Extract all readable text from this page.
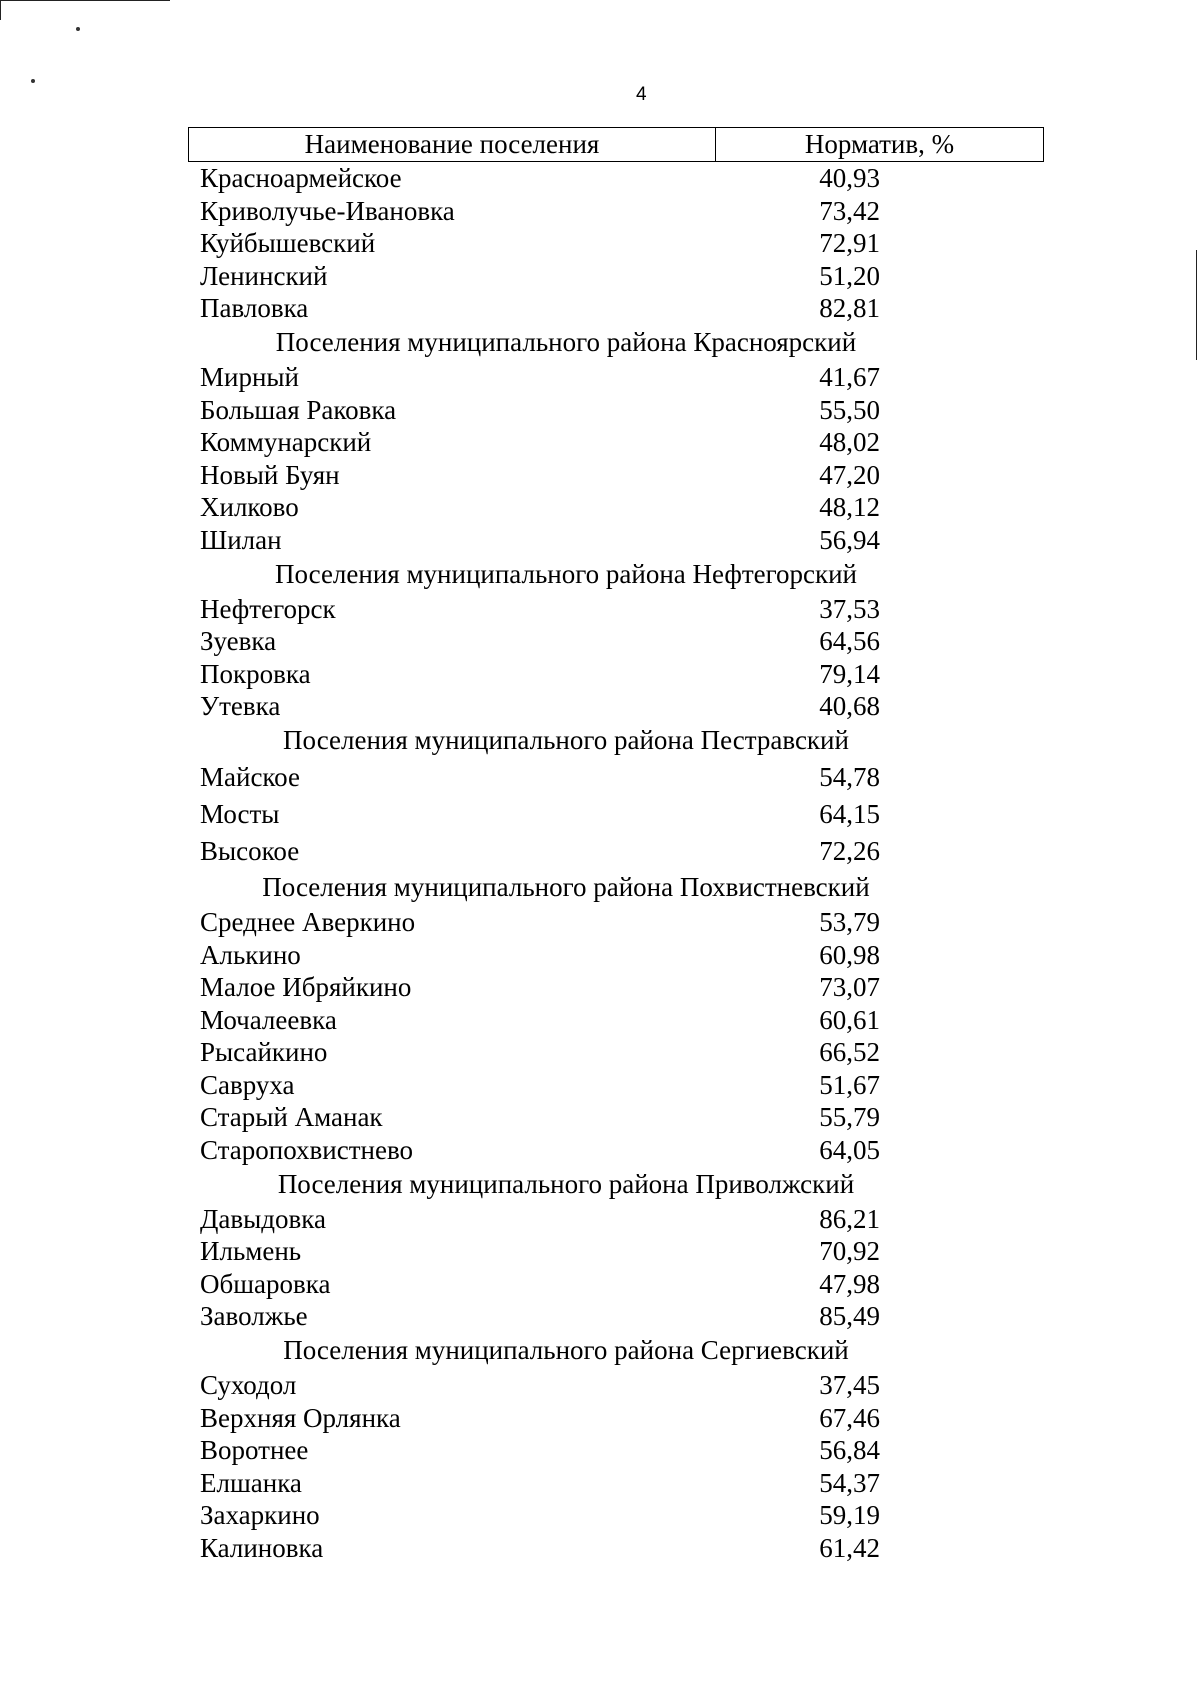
4
Наименование поселения	Норматив, %
Красноармейское	40,93
Криволучье-Ивановка	73,42
Куйбышевский	72,91
Ленинский	51,20
Павловка	82,81
Поселения муниципального района Красноярский
Мирный	41,67
Большая Раковка	55,50
Коммунарский	48,02
Новый Буян	47,20
Хилково	48,12
Шилан	56,94
Поселения муниципального района Нефтегорский
Нефтегорск	37,53
Зуевка	64,56
Покровка	79,14
Утевка	40,68
Поселения муниципального района Пестравский
Майское	54,78
Мосты	64,15
Высокое	72,26
Поселения муниципального района Похвистневский
Среднее Аверкино	53,79
Алькино	60,98
Малое Ибряйкино	73,07
Мочалеевка	60,61
Рысайкино	66,52
Савруха	51,67
Старый Аманак	55,79
Старопохвистнево	64,05
Поселения муниципального района Приволжский
Давыдовка	86,21
Ильмень	70,92
Обшаровка	47,98
Заволжье	85,49
Поселения муниципального района Сергиевский
Суходол	37,45
Верхняя Орлянка	67,46
Воротнее	56,84
Елшанка	54,37
Захаркино	59,19
Калиновка	61,42
